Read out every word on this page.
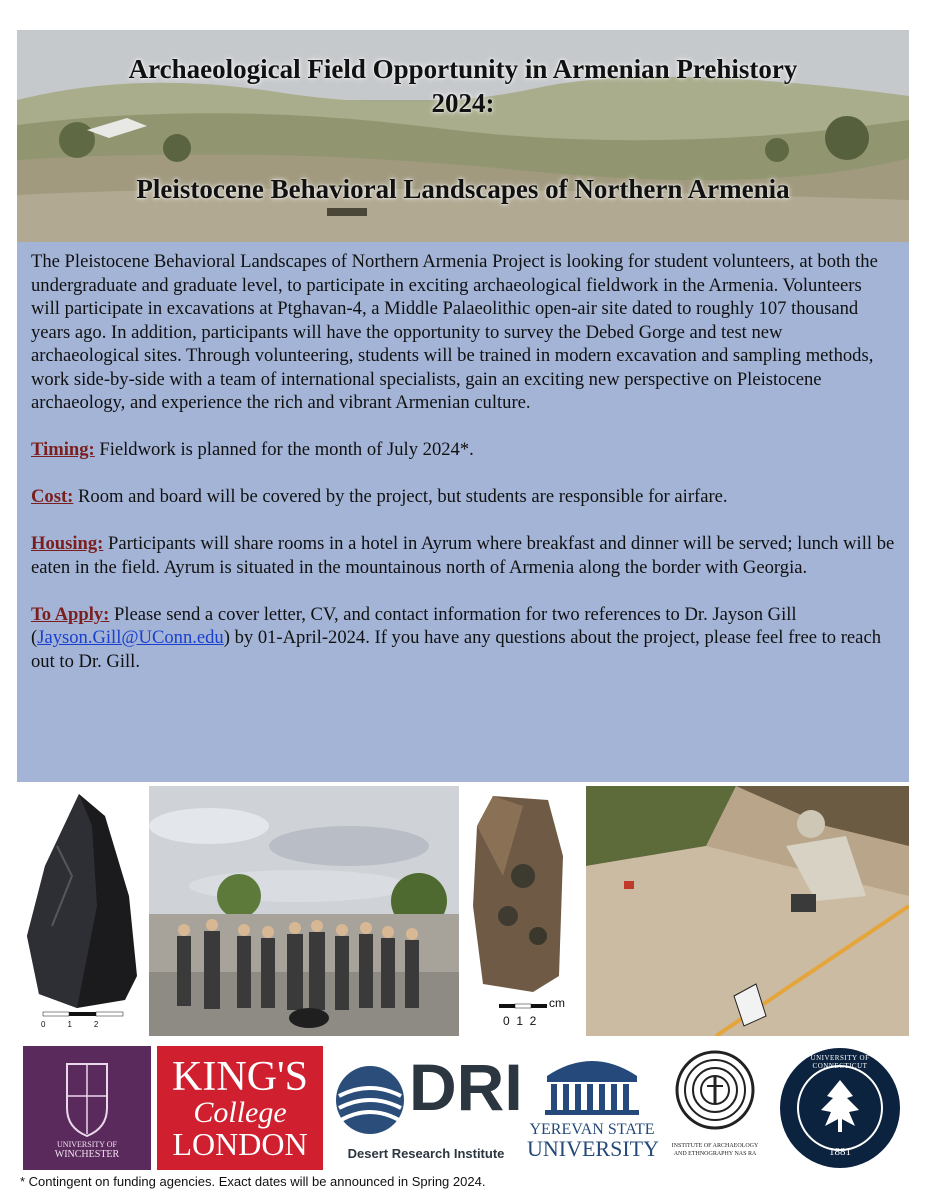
Archaeological Field Opportunity in Armenian Prehistory
2024:
Pleistocene Behavioral Landscapes of Northern Armenia

The Pleistocene Behavioral Landscapes of Northern Armenia Project is looking for student volunteers, at both the undergraduate and graduate level, to participate in exciting archaeological fieldwork in the Armenia. Volunteers will participate in excavations at Ptghavan-4, a Middle Palaeolithic open-air site dated to roughly 107 thousand years ago. In addition, participants will have the opportunity to survey the Debed Gorge and test new archaeological sites. Through volunteering, students will be trained in modern excavation and sampling methods, work side-by-side with a team of international specialists, gain an exciting new perspective on Pleistocene archaeology, and experience the rich and vibrant Armenian culture.

Timing: Fieldwork is planned for the month of July 2024*.

Cost: Room and board will be covered by the project, but students are responsible for airfare.

Housing: Participants will share rooms in a hotel in Ayrum where breakfast and dinner will be served; lunch will be eaten in the field. Ayrum is situated in the mountainous north of Armenia along the border with Georgia.

To Apply: Please send a cover letter, CV, and contact information for two references to Dr. Jayson Gill (Jayson.Gill@UConn.edu) by 01-April-2024. If you have any questions about the project, please feel free to reach out to Dr. Gill.

0	1	2
cm
0  1  2
UNIVERSITY OF
WINCHESTER
KING'S
College
LONDON
DRI
Desert Research Institute
YEREVAN STATE
UNIVERSITY	INSTITUTE OF ARCHAEOLOGY
AND ETHNOGRAPHY NAS RA
UNIVERSITY OF CONNECTICUT
1881
* Contingent on funding agencies. Exact dates will be announced in Spring 2024.
